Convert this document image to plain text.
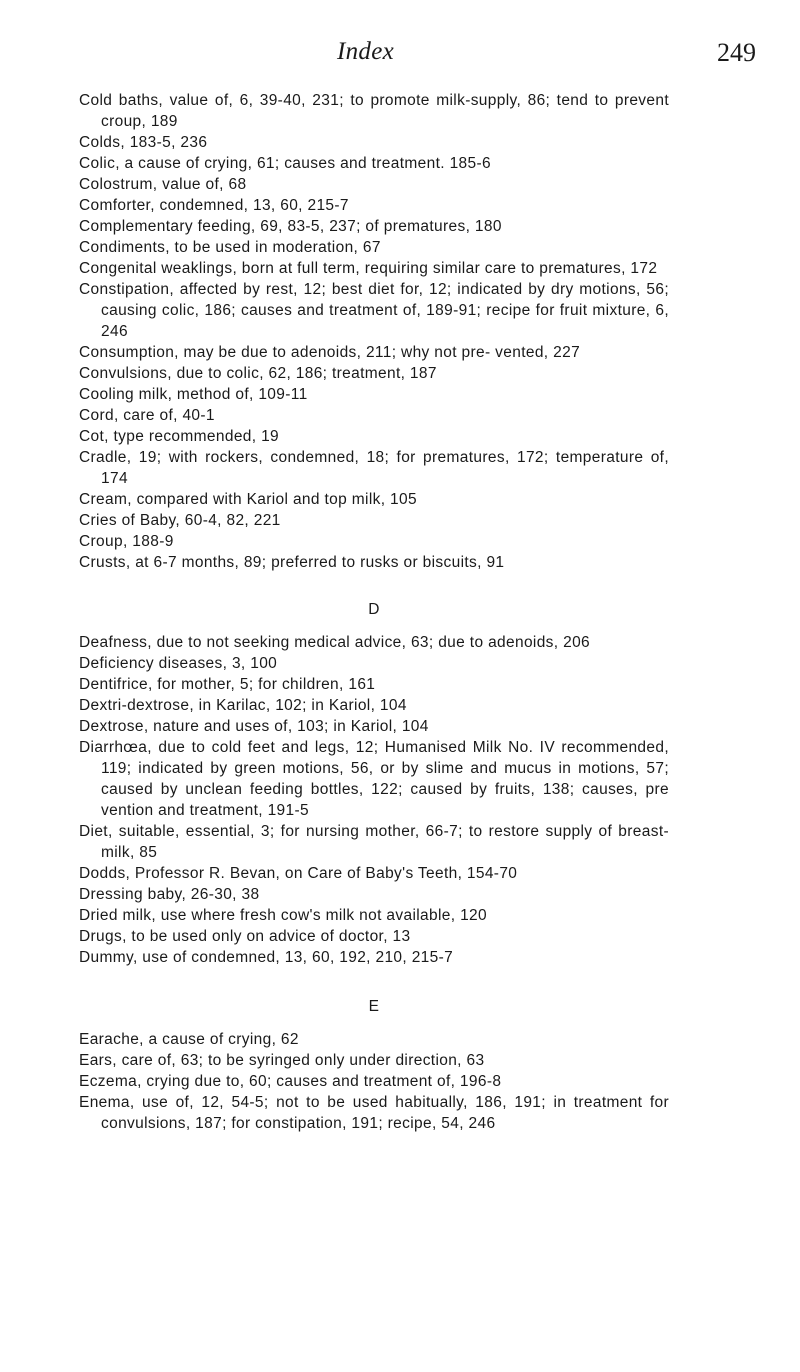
Index	249
Cold baths, value of, 6, 39-40, 231; to promote milk-supply, 86; tend to prevent croup, 189
Colds, 183-5, 236
Colic, a cause of crying, 61; causes and treatment. 185-6
Colostrum, value of, 68
Comforter, condemned, 13, 60, 215-7
Complementary feeding, 69, 83-5, 237; of prematures, 180
Condiments, to be used in moderation, 67
Congenital weaklings, born at full term, requiring similar care to prematures, 172
Constipation, affected by rest, 12; best diet for, 12; indicated by dry motions, 56; causing colic, 186; causes and treatment of, 189-91; recipe for fruit mixture, 6, 246
Consumption, may be due to adenoids, 211; why not pre- vented, 227
Convulsions, due to colic, 62, 186; treatment, 187
Cooling milk, method of, 109-11
Cord, care of, 40-1
Cot, type recommended, 19
Cradle, 19; with rockers, condemned, 18; for prematures, 172; temperature of, 174
Cream, compared with Kariol and top milk, 105
Cries of Baby, 60-4, 82, 221
Croup, 188-9
Crusts, at 6-7 months, 89; preferred to rusks or biscuits, 91
D
Deafness, due to not seeking medical advice, 63; due to adenoids, 206
Deficiency diseases, 3, 100
Dentifrice, for mother, 5; for children, 161
Dextri-dextrose, in Karilac, 102; in Kariol, 104
Dextrose, nature and uses of, 103; in Kariol, 104
Diarrhœa, due to cold feet and legs, 12; Humanised Milk No. IV recommended, 119; indicated by green motions, 56, or by slime and mucus in motions, 57; caused by unclean feeding bottles, 122; caused by fruits, 138; causes, pre vention and treatment, 191-5
Diet, suitable, essential, 3; for nursing mother, 66-7; to restore supply of breast-milk, 85
Dodds, Professor R. Bevan, on Care of Baby's Teeth, 154-70
Dressing baby, 26-30, 38
Dried milk, use where fresh cow's milk not available, 120
Drugs, to be used only on advice of doctor, 13
Dummy, use of condemned, 13, 60, 192, 210, 215-7
E
Earache, a cause of crying, 62
Ears, care of, 63; to be syringed only under direction, 63
Eczema, crying due to, 60; causes and treatment of, 196-8
Enema, use of, 12, 54-5; not to be used habitually, 186, 191; in treatment for convulsions, 187; for constipation, 191; recipe, 54, 246
